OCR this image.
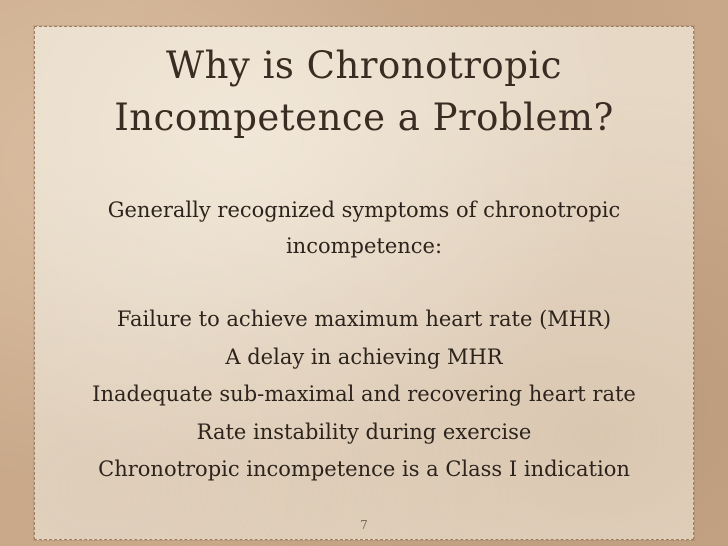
Why is Chronotropic
Incompetence a Problem?
Generally recognized symptoms of chronotropic
incompetence:
Failure to achieve maximum heart rate (MHR)
A delay in achieving MHR
Inadequate sub-maximal and recovering heart rate
Rate instability during exercise
Chronotropic incompetence is a Class I indication
7
